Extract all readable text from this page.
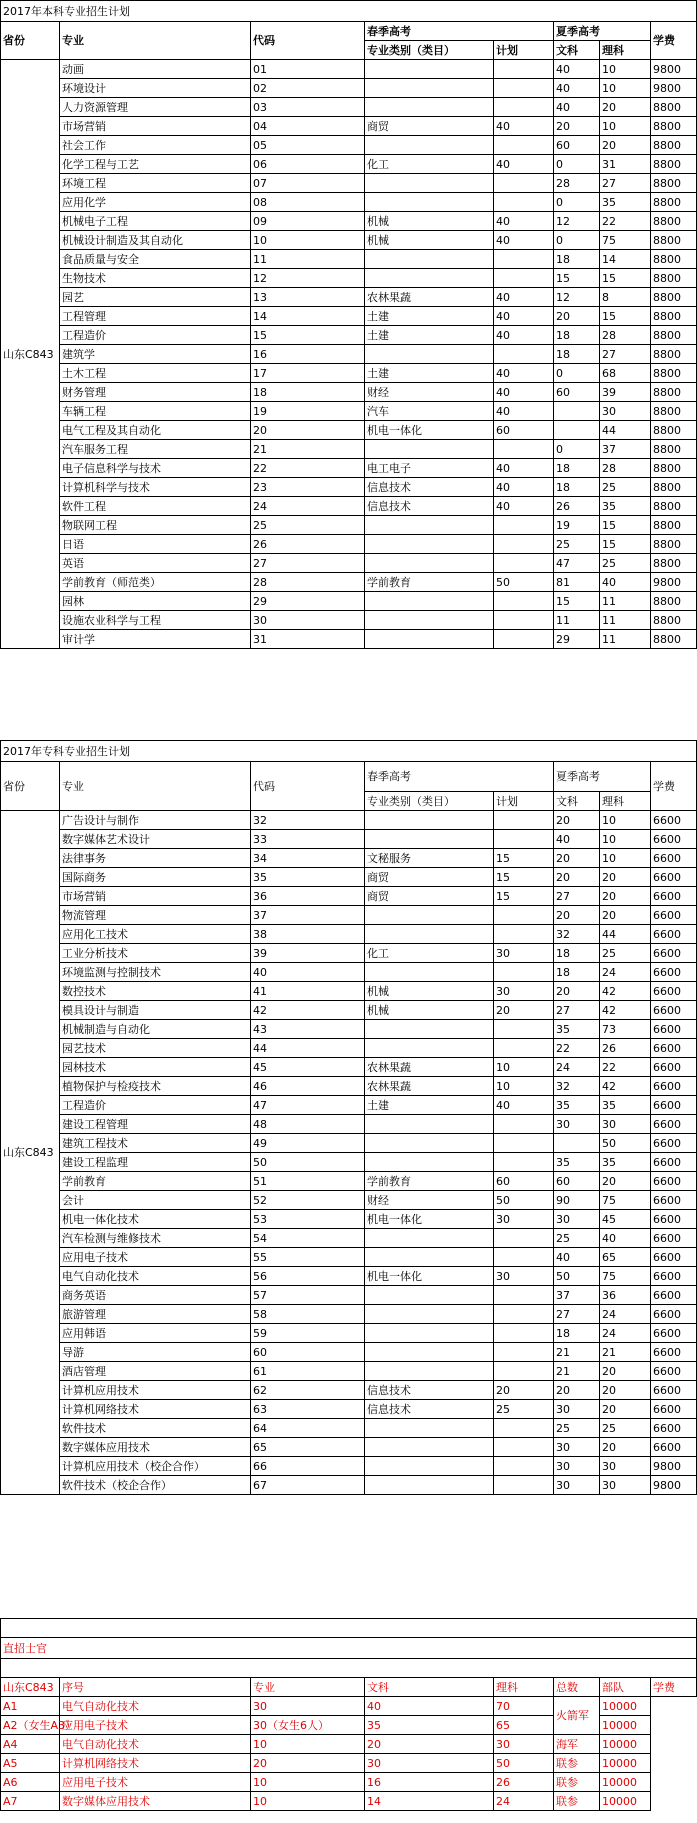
2017年本科专业招生计划							
省份	专业	代码	春季高考		夏季高考		学费
			专业类别（类目）	计划	文科	理科	
山东C843	动画	01			40	10	9800
	环境设计	02			40	10	9800
	人力资源管理	03			40	20	8800
	市场营销	04	商贸	40	20	10	8800
	社会工作	05			60	20	8800
	化学工程与工艺	06	化工	40	0	31	8800
	环境工程	07			28	27	8800
	应用化学	08			0	35	8800
	机械电子工程	09	机械	40	12	22	8800
	机械设计制造及其自动化	10	机械	40	0	75	8800
	食品质量与安全	11			18	14	8800
	生物技术	12			15	15	8800
	园艺	13	农林果蔬	40	12	8	8800
	工程管理	14	土建	40	20	15	8800
	工程造价	15	土建	40	18	28	8800
	建筑学	16			18	27	8800
	土木工程	17	土建	40	0	68	8800
	财务管理	18	财经	40	60	39	8800
	车辆工程	19	汽车	40		30	8800
	电气工程及其自动化	20	机电一体化	60		44	8800
	汽车服务工程	21			0	37	8800
	电子信息科学与技术	22	电工电子	40	18	28	8800
	计算机科学与技术	23	信息技术	40	18	25	8800
	软件工程	24	信息技术	40	26	35	8800
	物联网工程	25			19	15	8800
	日语	26			25	15	8800
	英语	27			47	25	8800
	学前教育（师范类）	28	学前教育	50	81	40	9800
	园林	29			15	11	8800
	设施农业科学与工程	30			11	11	8800
	审计学	31			29	11	8800
2017年专科专业招生计划							
省份	专业	代码	春季高考		夏季高考		学费
			专业类别（类目）	计划	文科	理科	
山东C843	广告设计与制作	32			20	10	6600
	数字媒体艺术设计	33			40	10	6600
	法律事务	34	文秘服务	15	20	10	6600
	国际商务	35	商贸	15	20	20	6600
	市场营销	36	商贸	15	27	20	6600
	物流管理	37			20	20	6600
	应用化工技术	38			32	44	6600
	工业分析技术	39	化工	30	18	25	6600
	环境监测与控制技术	40			18	24	6600
	数控技术	41	机械	30	20	42	6600
	模具设计与制造	42	机械	20	27	42	6600
	机械制造与自动化	43			35	73	6600
	园艺技术	44			22	26	6600
	园林技术	45	农林果蔬	10	24	22	6600
	植物保护与检疫技术	46	农林果蔬	10	32	42	6600
	工程造价	47	土建	40	35	35	6600
	建设工程管理	48			30	30	6600
	建筑工程技术	49				50	6600
	建设工程监理	50			35	35	6600
	学前教育	51	学前教育	60	60	20	6600
	会计	52	财经	50	90	75	6600
	机电一体化技术	53	机电一体化	30	30	45	6600
	汽车检测与维修技术	54			25	40	6600
	应用电子技术	55			40	65	6600
	电气自动化技术	56	机电一体化	30	50	75	6600
	商务英语	57			37	36	6600
	旅游管理	58			27	24	6600
	应用韩语	59			18	24	6600
	导游	60			21	21	6600
	酒店管理	61			21	20	6600
	计算机应用技术	62	信息技术	20	20	20	6600
	计算机网络技术	63	信息技术	25	30	20	6600
	软件技术	64			25	25	6600
	数字媒体应用技术	65			30	20	6600
	计算机应用技术（校企合作）	66			30	30	9800
	软件技术（校企合作）	67			30	30	9800

直招士官							

山东C843	序号	专业	文科	理科	总数	部队	学费
A1	电气自动化技术	30	40	70	火箭军	10000	
A2（女生A3）	应用电子技术	30（女生6人）	35	65		10000	
A4	电气自动化技术	10	20	30	海军	10000	
A5	计算机网络技术	20	30	50	联参	10000	
A6	应用电子技术	10	16	26	联参	10000	
A7	数字媒体应用技术	10	14	24	联参	10000	
